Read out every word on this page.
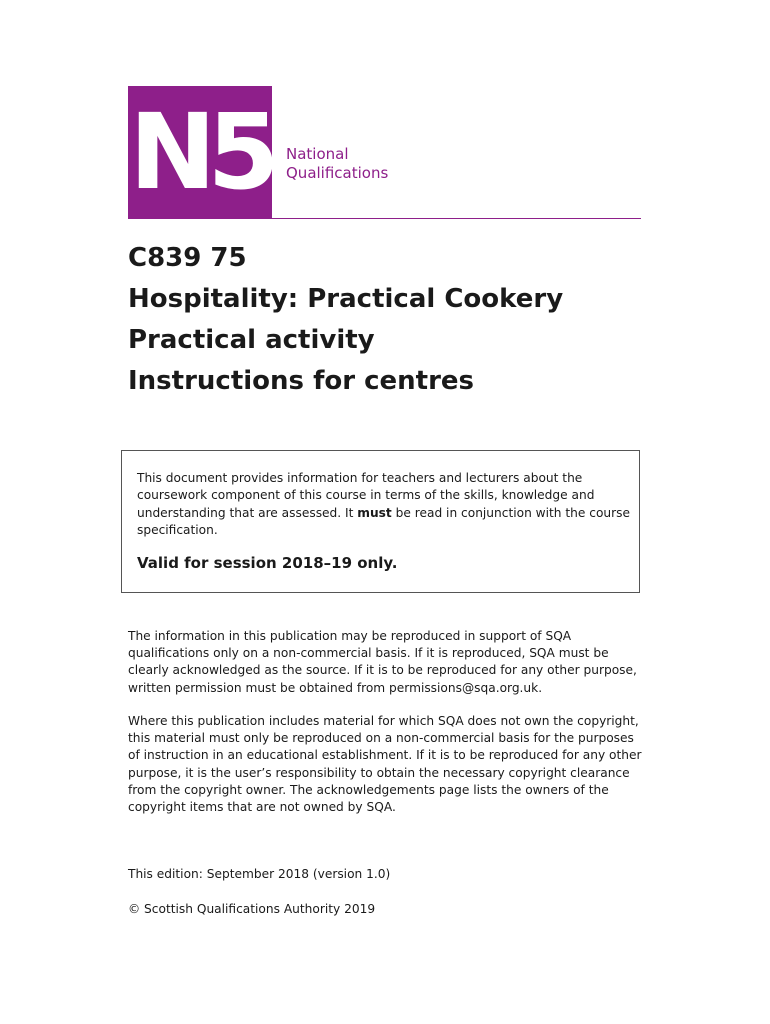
N5 National
Qualifications
C839 75
Hospitality: Practical Cookery
Practical activity
Instructions for centres
This document provides information for teachers and lecturers about the coursework component of this course in terms of the skills, knowledge and understanding that are assessed. It must be read in conjunction with the course specification.
Valid for session 2018–19 only.
The information in this publication may be reproduced in support of SQA qualifications only on a non-commercial basis. If it is reproduced, SQA must be clearly acknowledged as the source. If it is to be reproduced for any other purpose, written permission must be obtained from permissions@sqa.org.uk.
Where this publication includes material for which SQA does not own the copyright, this material must only be reproduced on a non-commercial basis for the purposes of instruction in an educational establishment. If it is to be reproduced for any other purpose, it is the user’s responsibility to obtain the necessary copyright clearance from the copyright owner. The acknowledgements page lists the owners of the copyright items that are not owned by SQA.
This edition: September 2018 (version 1.0)
© Scottish Qualifications Authority 2019
